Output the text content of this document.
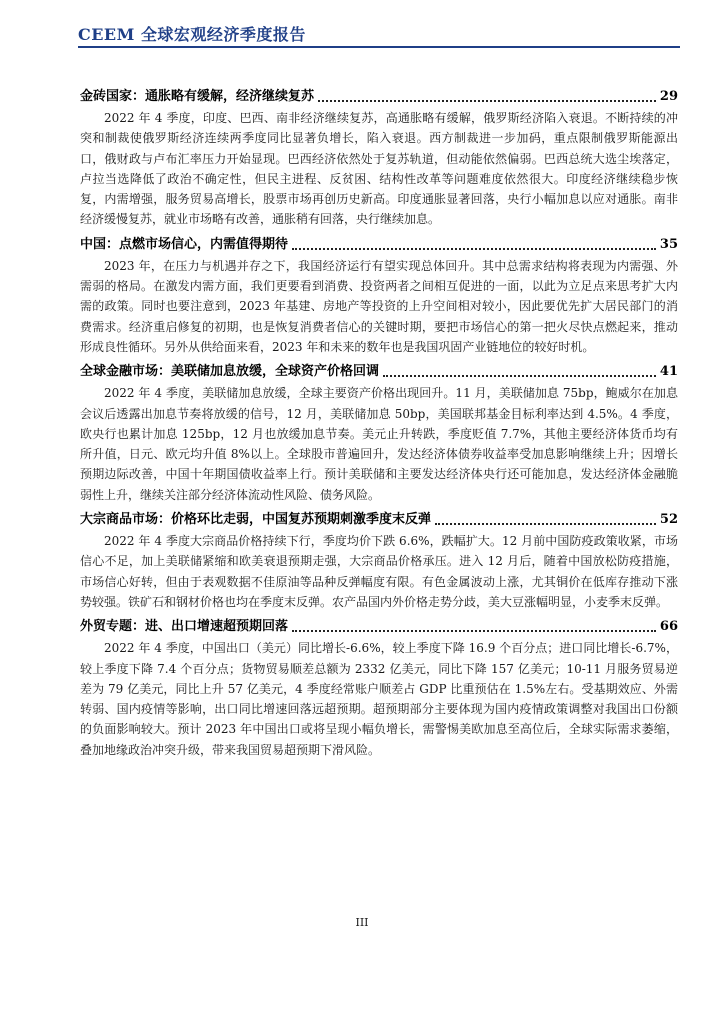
CEEM 全球宏观经济季度报告
金砖国家：通胀略有缓解，经济继续复苏	29

2022 年 4 季度，印度、巴西、南非经济继续复苏，高通胀略有缓解，俄罗斯经济陷入衰退。不断持续的冲突和制裁使俄罗斯经济连续两季度同比显著负增长，陷入衰退。西方制裁进一步加码，重点限制俄罗斯能源出口，俄财政与卢布汇率压力开始显现。巴西经济依然处于复苏轨道，但动能依然偏弱。巴西总统大选尘埃落定，卢拉当选降低了政治不确定性，但民主进程、反贫困、结构性改革等问题难度依然很大。印度经济继续稳步恢复，内需增强，服务贸易高增长，股票市场再创历史新高。印度通胀显著回落，央行小幅加息以应对通胀。南非经济缓慢复苏，就业市场略有改善，通胀稍有回落，央行继续加息。

中国：点燃市场信心，内需值得期待	35

2023 年，在压力与机遇并存之下，我国经济运行有望实现总体回升。其中总需求结构将表现为内需强、外需弱的格局。在激发内需方面，我们更要看到消费、投资两者之间相互促进的一面，以此为立足点来思考扩大内需的政策。同时也要注意到，2023 年基建、房地产等投资的上升空间相对较小，因此要优先扩大居民部门的消费需求。经济重启修复的初期，也是恢复消费者信心的关键时期，要把市场信心的第一把火尽快点燃起来，推动形成良性循环。另外从供给面来看，2023 年和未来的数年也是我国巩固产业链地位的较好时机。

全球金融市场：美联储加息放缓，全球资产价格回调	41

2022 年 4 季度，美联储加息放缓，全球主要资产价格出现回升。11 月，美联储加息 75bp，鲍威尔在加息会议后透露出加息节奏将放缓的信号，12 月，美联储加息 50bp，美国联邦基金目标利率达到 4.5%。4 季度，欧央行也累计加息 125bp，12 月也放缓加息节奏。美元止升转跌，季度贬值 7.7%，其他主要经济体货币均有所升值，日元、欧元均升值 8%以上。全球股市普遍回升，发达经济体债券收益率受加息影响继续上升；因增长预期边际改善，中国十年期国债收益率上行。预计美联储和主要发达经济体央行还可能加息，发达经济体金融脆弱性上升，继续关注部分经济体流动性风险、债务风险。

大宗商品市场：价格环比走弱，中国复苏预期刺激季度末反弹	52

2022 年 4 季度大宗商品价格持续下行，季度均价下跌 6.6%，跌幅扩大。12 月前中国防疫政策收紧，市场信心不足，加上美联储紧缩和欧美衰退预期走强，大宗商品价格承压。进入 12 月后，随着中国放松防疫措施，市场信心好转，但由于表观数据不佳原油等品种反弹幅度有限。有色金属波动上涨，尤其铜价在低库存推动下涨势较强。铁矿石和钢材价格也均在季度末反弹。农产品国内外价格走势分歧，美大豆涨幅明显，小麦季末反弹。

外贸专题：进、出口增速超预期回落	66

2022 年 4 季度，中国出口（美元）同比增长-6.6%，较上季度下降 16.9 个百分点；进口同比增长-6.7%，较上季度下降 7.4 个百分点；货物贸易顺差总额为 2332 亿美元，同比下降 157 亿美元；10-11 月服务贸易逆差为 79 亿美元，同比上升 57 亿美元，4 季度经常账户顺差占 GDP 比重预估在 1.5%左右。受基期效应、外需转弱、国内疫情等影响，出口同比增速回落远超预期。超预期部分主要体现为国内疫情政策调整对我国出口份额的负面影响较大。预计 2023 年中国出口或将呈现小幅负增长，需警惕美欧加息至高位后，全球实际需求萎缩，叠加地缘政治冲突升级，带来我国贸易超预期下滑风险。

III
